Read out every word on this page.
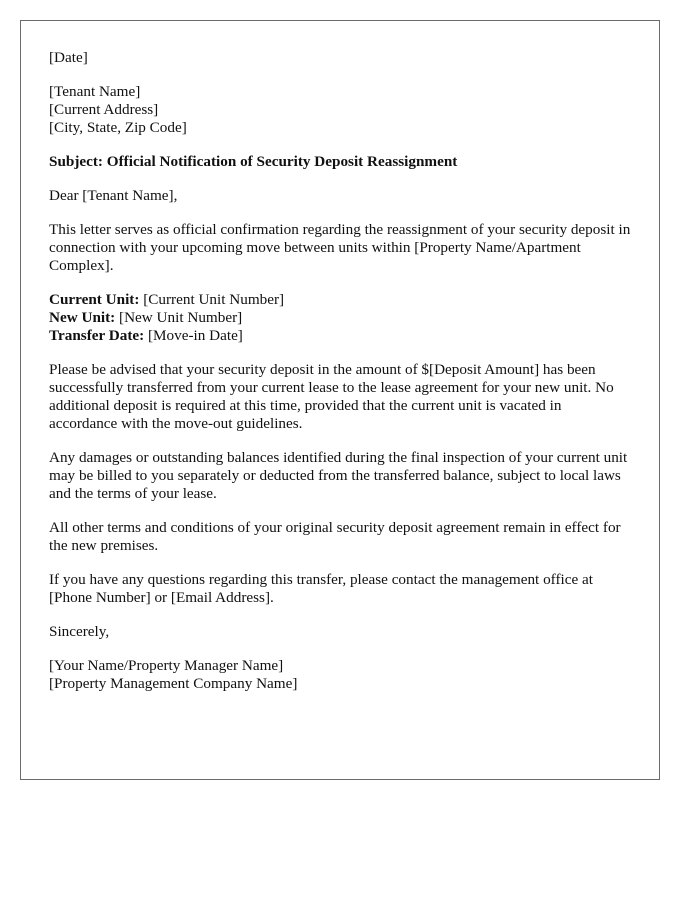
[Date]

[Tenant Name]
[Current Address]
[City, State, Zip Code]

Subject: Official Notification of Security Deposit Reassignment

Dear [Tenant Name],

This letter serves as official confirmation regarding the reassignment of your security deposit in connection with your upcoming move between units within [Property Name/Apartment Complex].

Current Unit: [Current Unit Number]
New Unit: [New Unit Number]
Transfer Date: [Move-in Date]

Please be advised that your security deposit in the amount of $[Deposit Amount] has been successfully transferred from your current lease to the lease agreement for your new unit. No additional deposit is required at this time, provided that the current unit is vacated in accordance with the move-out guidelines.

Any damages or outstanding balances identified during the final inspection of your current unit may be billed to you separately or deducted from the transferred balance, subject to local laws and the terms of your lease.

All other terms and conditions of your original security deposit agreement remain in effect for the new premises.

If you have any questions regarding this transfer, please contact the management office at [Phone Number] or [Email Address].

Sincerely,

[Your Name/Property Manager Name]
[Property Management Company Name]
